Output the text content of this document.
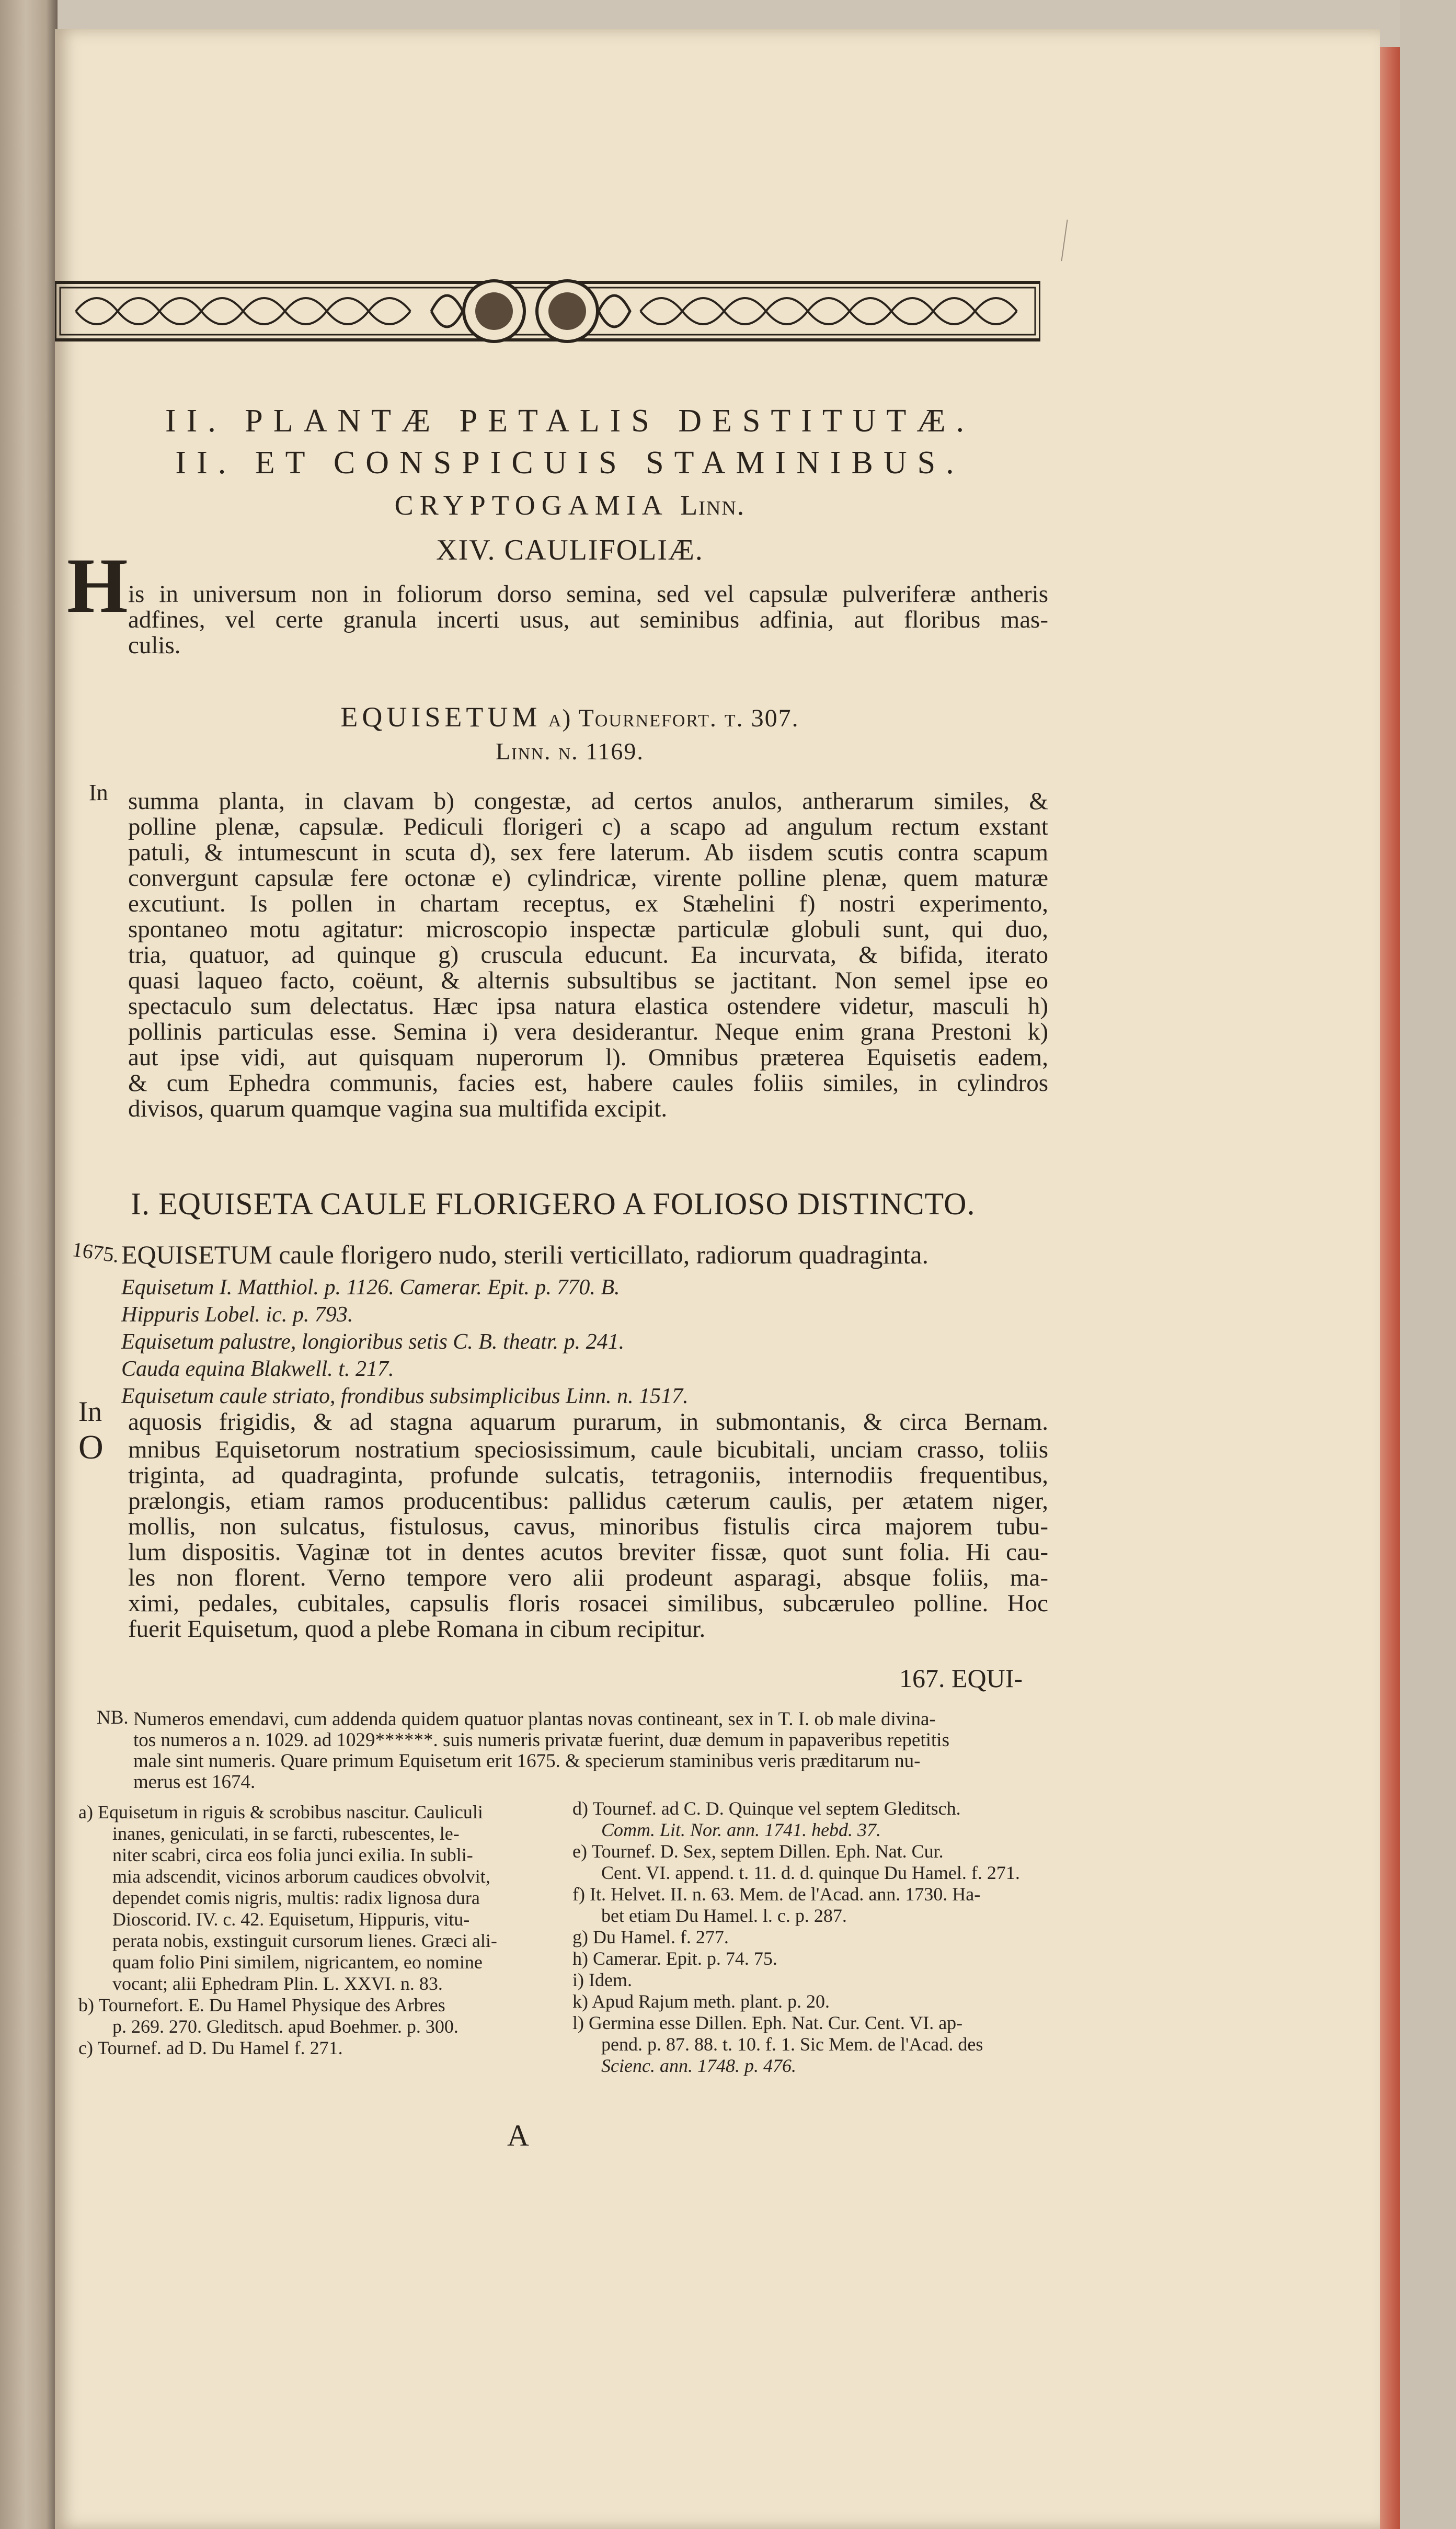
II. PLANTÆ PETALIS DESTITUTÆ.
II. ET CONSPICUIS STAMINIBUS.
CRYPTOGAMIA Linn.
XIV. CAULIFOLIÆ.
H is in universum non in foliorum dorso semina, sed vel capsulæ pulveriferæ antheris
adfines, vel certe granula incerti usus, aut seminibus adfinia, aut floribus mas-
culis.
EQUISETUM a) Tournefort. t. 307.
Linn. n. 1169.
In summa planta, in clavam b) congestæ, ad certos anulos, antherarum similes, &
polline plenæ, capsulæ. Pediculi florigeri c) a scapo ad angulum rectum exstant
patuli, & intumescunt in scuta d), sex fere laterum. Ab iisdem scutis contra scapum
convergunt capsulæ fere octonæ e) cylindricæ, virente polline plenæ, quem maturæ
excutiunt. Is pollen in chartam receptus, ex Stæhelini f) nostri experimento,
spontaneo motu agitatur: microscopio inspectæ particulæ globuli sunt, qui duo,
tria, quatuor, ad quinque g) cruscula educunt. Ea incurvata, & bifida, iterato
quasi laqueo facto, coëunt, & alternis subsultibus se jactitant. Non semel ipse eo
spectaculo sum delectatus. Hæc ipsa natura elastica ostendere videtur, masculi h)
pollinis particulas esse. Semina i) vera desiderantur. Neque enim grana Prestoni k)
aut ipse vidi, aut quisquam nuperorum l). Omnibus præterea Equisetis eadem,
& cum Ephedra communis, facies est, habere caules foliis similes, in cylindros
divisos, quarum quamque vagina sua multifida excipit.
I. EQUISETA CAULE FLORIGERO A FOLIOSO DISTINCTO.
1675. EQUISETUM caule florigero nudo, sterili verticillato, radiorum quadraginta.
Equisetum I. Matthiol. p. 1126. Camerar. Epit. p. 770. B.
Hippuris Lobel. ic. p. 793.
Equisetum palustre, longioribus setis C. B. theatr. p. 241.
Cauda equina Blakwell. t. 217.
Equisetum caule striato, frondibus subsimplicibus Linn. n. 1517.
In aquosis frigidis, & ad stagna aquarum purarum, in submontanis, & circa Bernam.
O mnibus Equisetorum nostratium speciosissimum, caule bicubitali, unciam crasso, toliis
triginta, ad quadraginta, profunde sulcatis, tetragoniis, internodiis frequentibus,
prælongis, etiam ramos producentibus: pallidus cæterum caulis, per ætatem niger,
mollis, non sulcatus, fistulosus, cavus, minoribus fistulis circa majorem tubu-
lum dispositis. Vaginæ tot in dentes acutos breviter fissæ, quot sunt folia. Hi cau-
les non florent. Verno tempore vero alii prodeunt asparagi, absque foliis, ma-
ximi, pedales, cubitales, capsulis floris rosacei similibus, subcæruleo polline. Hoc
fuerit Equisetum, quod a plebe Romana in cibum recipitur.
167. EQUI-
NB. Numeros emendavi, cum addenda quidem quatuor plantas novas contineant, sex in T. I. ob male divina-
tos numeros a n. 1029. ad 1029******. suis numeris privatæ fuerint, duæ demum in papaveribus repetitis
male sint numeris. Quare primum Equisetum erit 1675. & specierum staminibus veris præditarum nu-
merus est 1674.
a) Equisetum in riguis & scrobibus nascitur. Cauliculi
inanes, geniculati, in se farcti, rubescentes, le-
niter scabri, circa eos folia junci exilia. In subli-
mia adscendit, vicinos arborum caudices obvolvit,
dependet comis nigris, multis: radix lignosa dura
Dioscorid. IV. c. 42. Equisetum, Hippuris, vitu-
perata nobis, exstinguit cursorum lienes. Græci ali-
quam folio Pini similem, nigricantem, eo nomine
vocant; alii Ephedram Plin. L. XXVI. n. 83.
b) Tournefort. E. Du Hamel Physique des Arbres
p. 269. 270. Gleditsch. apud Boehmer. p. 300.
c) Tournef. ad D. Du Hamel f. 271.
d) Tournef. ad C. D. Quinque vel septem Gleditsch.
Comm. Lit. Nor. ann. 1741. hebd. 37.
e) Tournef. D. Sex, septem Dillen. Eph. Nat. Cur.
Cent. VI. append. t. 11. d. d. quinque Du Hamel. f. 271.
f) It. Helvet. II. n. 63. Mem. de l'Acad. ann. 1730. Ha-
bet etiam Du Hamel. l. c. p. 287.
g) Du Hamel. f. 277.
h) Camerar. Epit. p. 74. 75.
i) Idem.
k) Apud Rajum meth. plant. p. 20.
l) Germina esse Dillen. Eph. Nat. Cur. Cent. VI. ap-
pend. p. 87. 88. t. 10. f. 1. Sic Mem. de l'Acad. des
Scienc. ann. 1748. p. 476.
A
